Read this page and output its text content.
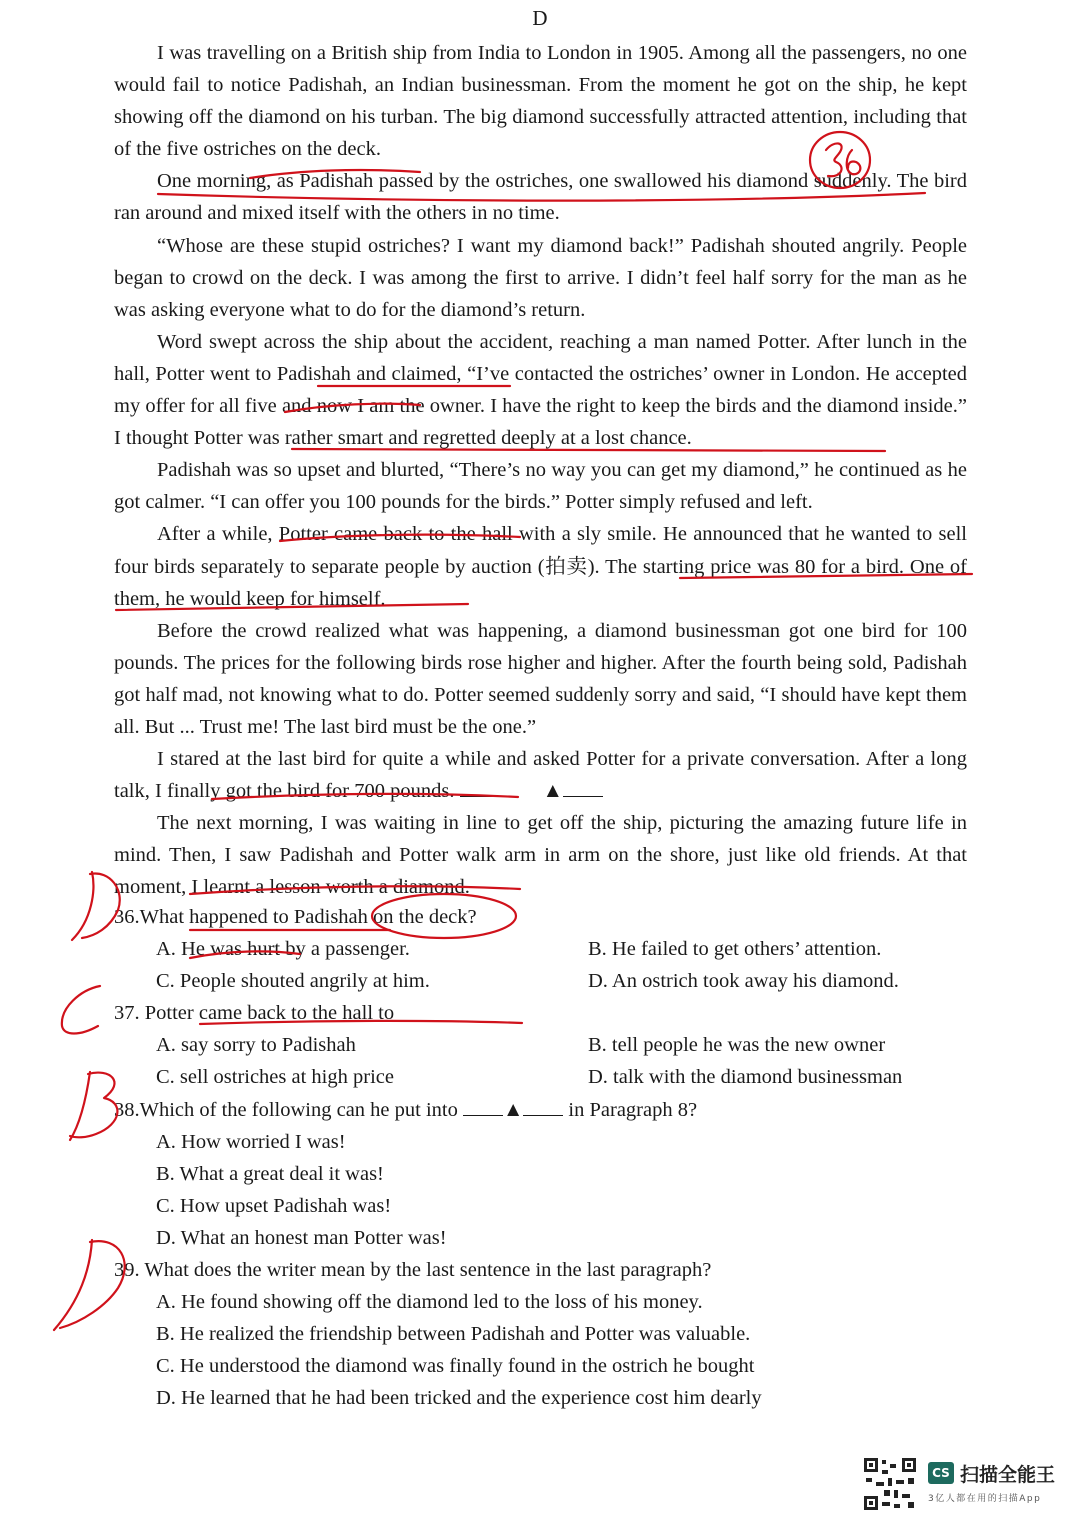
D

I was travelling on a British ship from India to London in 1905. Among all the passengers, no one would fail to notice Padishah, an Indian businessman. From the moment he got on the ship, he kept showing off the diamond on his turban. The big diamond successfully attracted attention, including that of the five ostriches on the deck.

One morning, as Padishah passed by the ostriches, one swallowed his diamond suddenly. The bird ran around and mixed itself with the others in no time.

“Whose are these stupid ostriches? I want my diamond back!” Padishah shouted angrily. People began to crowd on the deck. I was among the first to arrive. I didn’t feel half sorry for the man as he was asking everyone what to do for the diamond’s return.

Word swept across the ship about the accident, reaching a man named Potter. After lunch in the hall, Potter went to Padishah and claimed, “I’ve contacted the ostriches’ owner in London. He accepted my offer for all five and now I am the owner. I have the right to keep the birds and the diamond inside.” I thought Potter was rather smart and regretted deeply at a lost chance.

Padishah was so upset and blurted, “There’s no way you can get my diamond,” he continued as he got calmer. “I can offer you 100 pounds for the birds.” Potter simply refused and left.

After a while, Potter came back to the hall with a sly smile. He announced that he wanted to sell four birds separately to separate people by auction (拍卖). The starting price was 80 for a bird. One of them, he would keep for himself.

Before the crowd realized what was happening, a diamond businessman got one bird for 100 pounds. The prices for the following birds rose higher and higher. After the fourth being sold, Padishah got half mad, not knowing what to do. Potter seemed suddenly sorry and said, “I should have kept them all. But ... Trust me! The last bird must be the one.”

I stared at the last bird for quite a while and asked Potter for a private conversation. After a long talk, I finally got the bird for 700 pounds.	▲

The next morning, I was waiting in line to get off the ship, picturing the amazing future life in mind. Then, I saw Padishah and Potter walk arm in arm on the shore, just like old friends. At that moment, I learnt a lesson worth a diamond.

36.What happened to Padishah on the deck?

A. He was hurt by a passenger.	B. He failed to get others’ attention.
C. People shouted angrily at him.	D. An ostrich took away his diamond.

37. Potter came back to the hall to

A. say sorry to Padishah	B. tell people he was the new owner
C. sell ostriches at high price	D. talk with the diamond businessman

38.Which of the following can he put into ▲ in Paragraph 8?

A. How worried I was!
B. What a great deal it was!
C. How upset Padishah was!
D. What an honest man Potter was!

39. What does the writer mean by the last sentence in the last paragraph?

A. He found showing off the diamond led to the loss of his money.
B. He realized the friendship between Padishah and Potter was valuable.
C. He understood the diamond was finally found in the ostrich he bought
D. He learned that he had been tricked and the experience cost him dearly
CS 扫描全能王
3亿人都在用的扫描App
